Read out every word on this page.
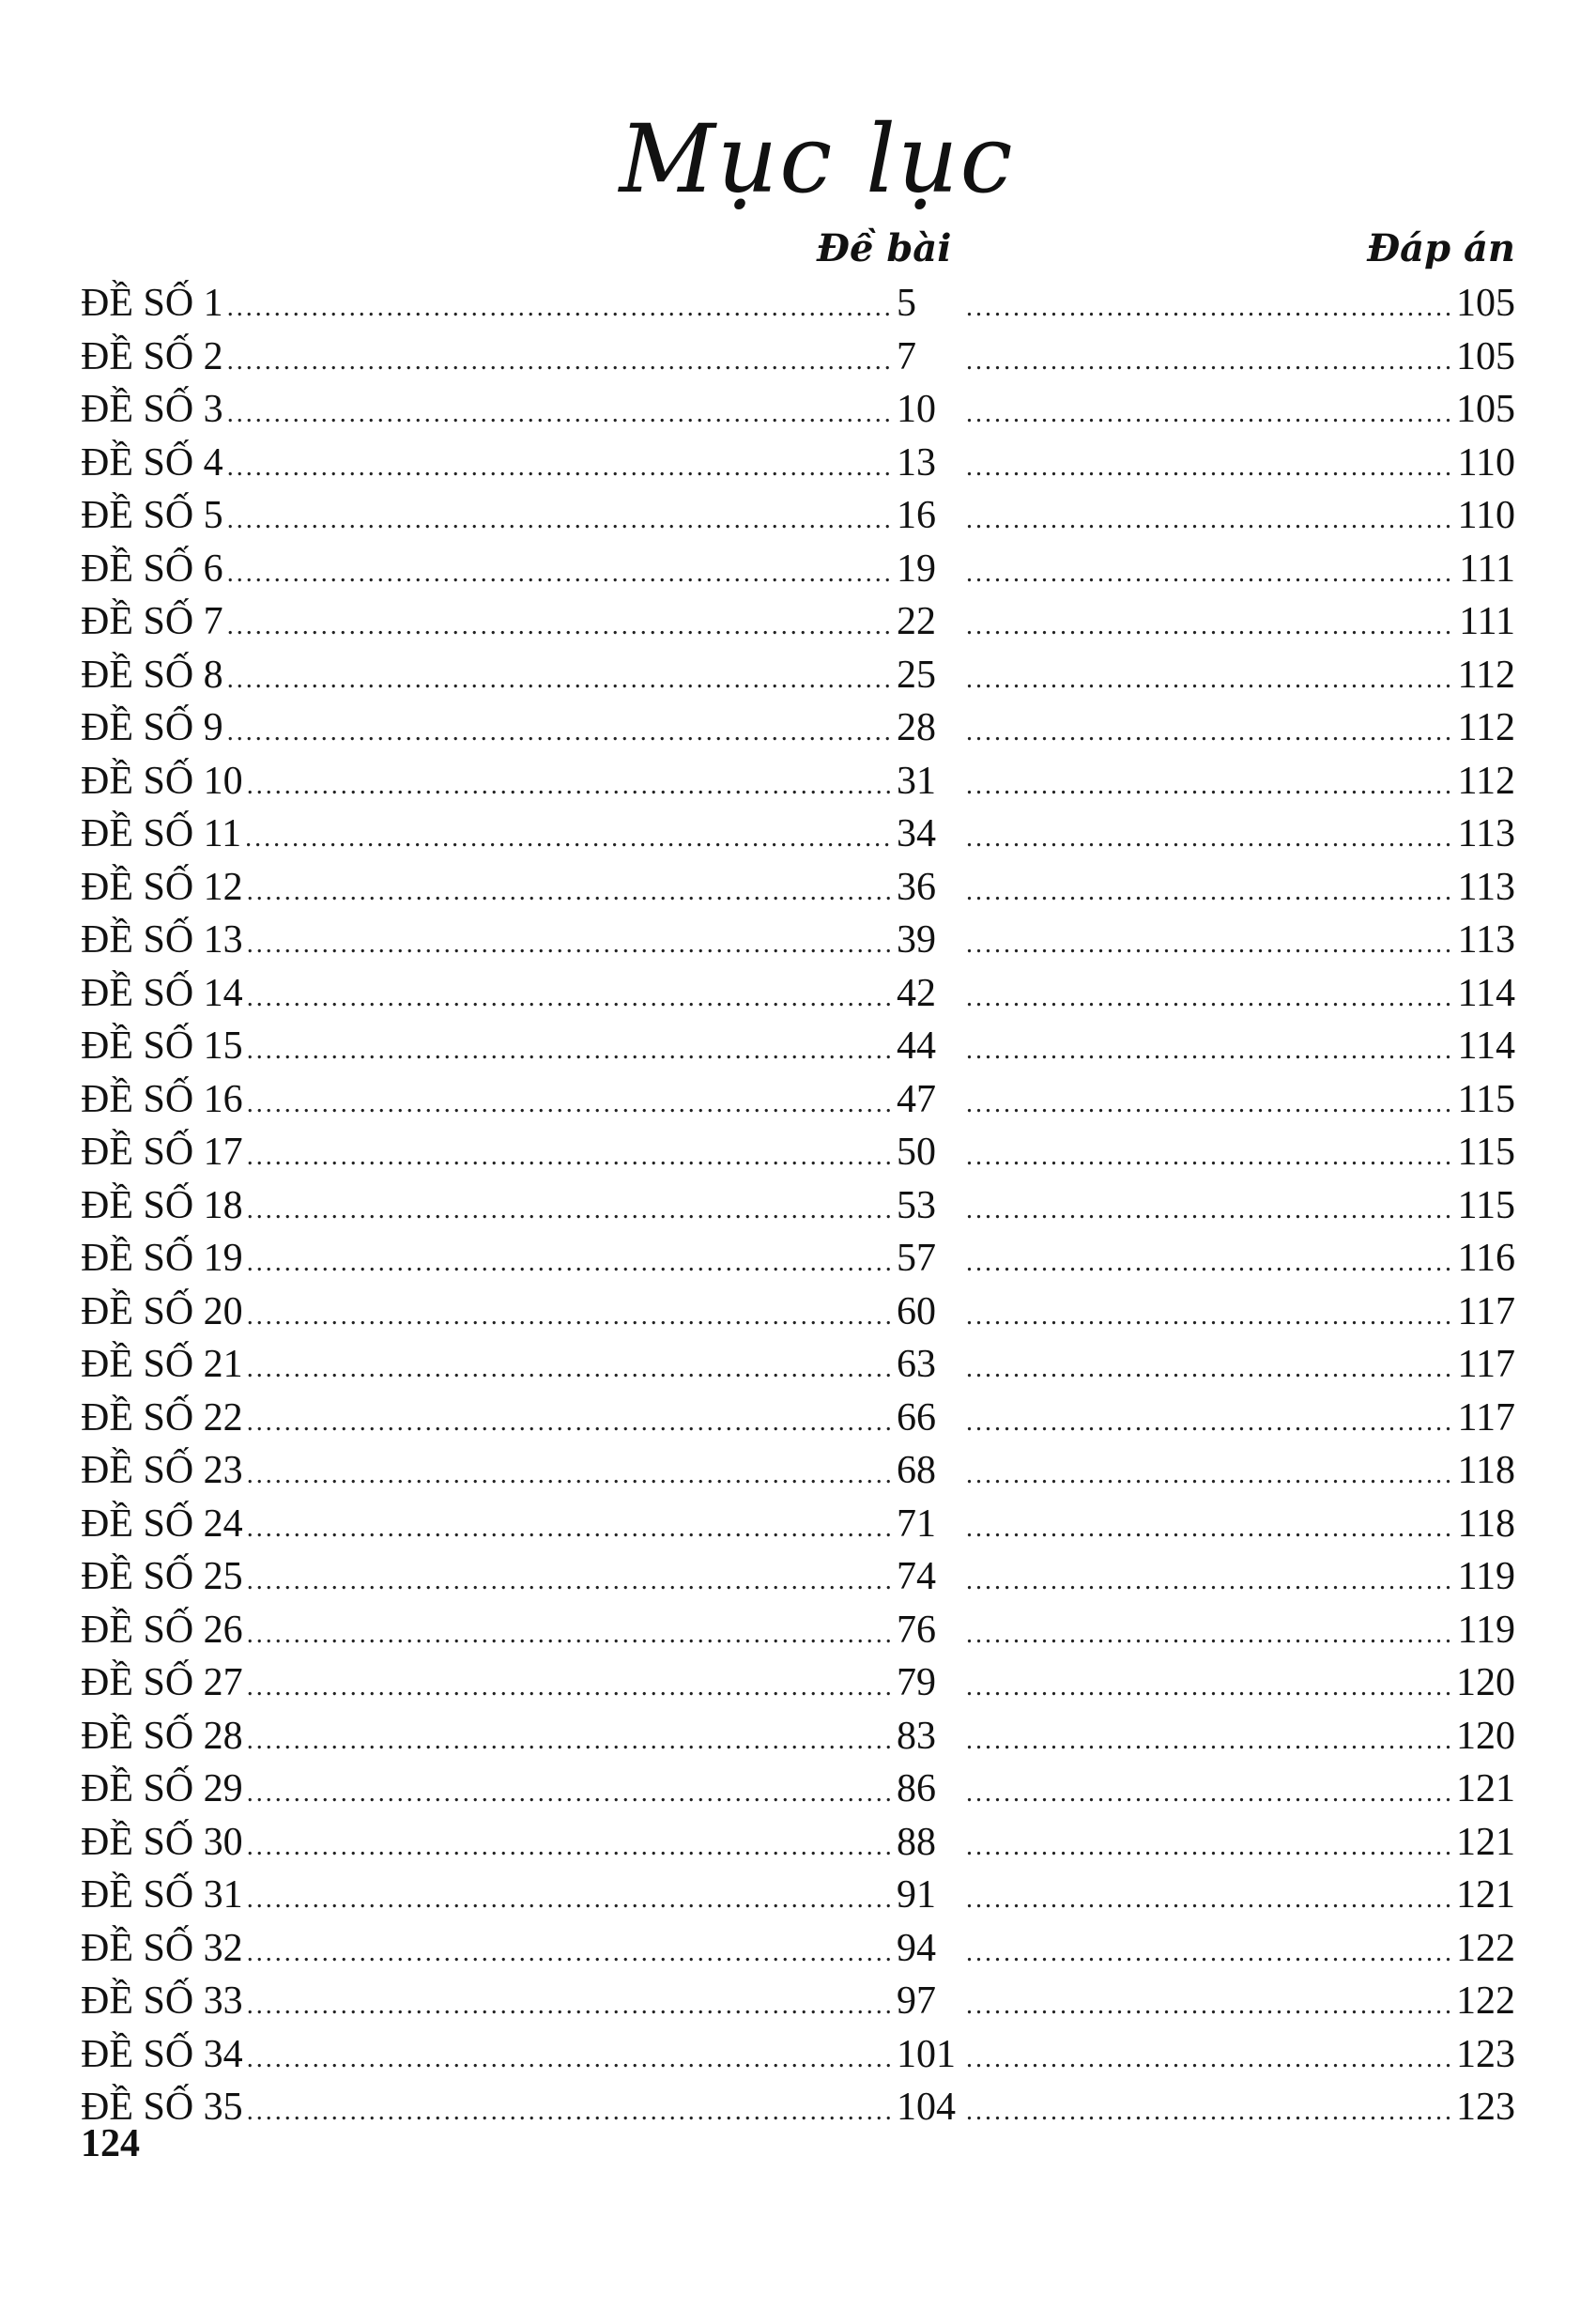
Mục lục
Đề bài	Đáp án
ĐỀ SỐ 1 .....	5 .....	105
ĐỀ SỐ 2 .....	7 .....	105
ĐỀ SỐ 3 .....	10 .....	105
ĐỀ SỐ 4 .....	13 .....	110
ĐỀ SỐ 5 .....	16 .....	110
ĐỀ SỐ 6 .....	19 .....	111
ĐỀ SỐ 7 .....	22 .....	111
ĐỀ SỐ 8 .....	25 .....	112
ĐỀ SỐ 9 .....	28 .....	112
ĐỀ SỐ 10 .....	31 .....	112
ĐỀ SỐ 11 .....	34 .....	113
ĐỀ SỐ 12 .....	36 .....	113
ĐỀ SỐ 13 .....	39 .....	113
ĐỀ SỐ 14 .....	42 .....	114
ĐỀ SỐ 15 .....	44 .....	114
ĐỀ SỐ 16 .....	47 .....	115
ĐỀ SỐ 17 .....	50 .....	115
ĐỀ SỐ 18 .....	53 .....	115
ĐỀ SỐ 19 .....	57 .....	116
ĐỀ SỐ 20 .....	60 .....	117
ĐỀ SỐ 21 .....	63 .....	117
ĐỀ SỐ 22 .....	66 .....	117
ĐỀ SỐ 23 .....	68 .....	118
ĐỀ SỐ 24 .....	71 .....	118
ĐỀ SỐ 25 .....	74 .....	119
ĐỀ SỐ 26 .....	76 .....	119
ĐỀ SỐ 27 .....	79 .....	120
ĐỀ SỐ 28 .....	83 .....	120
ĐỀ SỐ 29 .....	86 .....	121
ĐỀ SỐ 30 .....	88 .....	121
ĐỀ SỐ 31 .....	91 .....	121
ĐỀ SỐ 32 .....	94 .....	122
ĐỀ SỐ 33 .....	97 .....	122
ĐỀ SỐ 34 .....	101 .....	123
ĐỀ SỐ 35 .....	104 .....	123
124
